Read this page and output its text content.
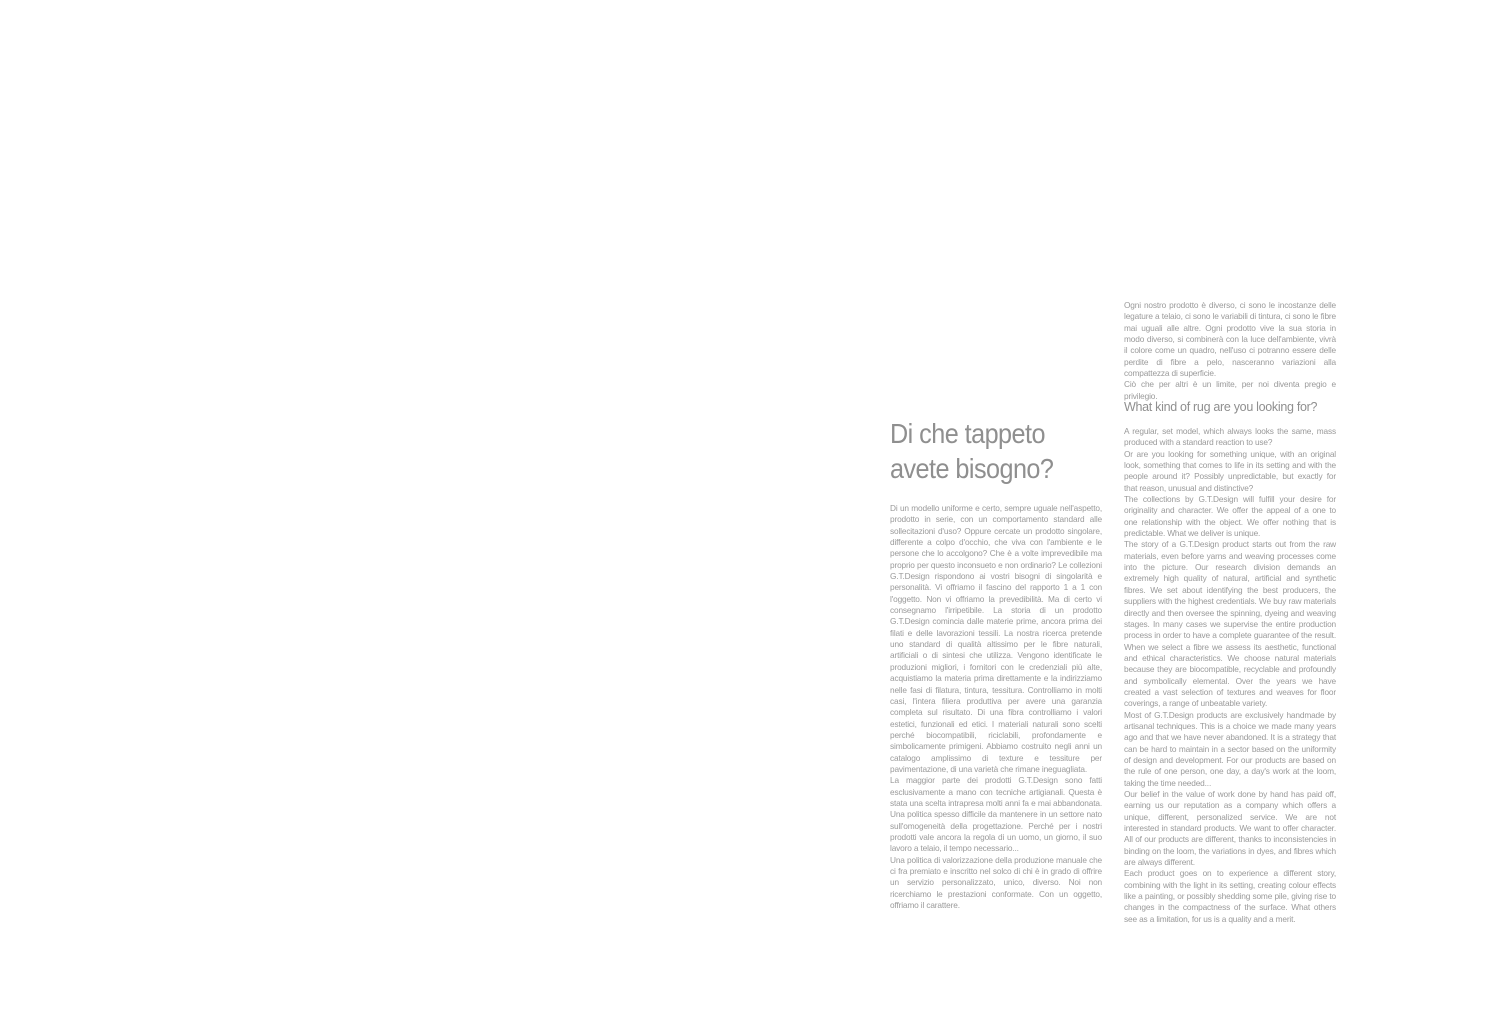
Di che tappeto
avete bisogno?

Di un modello uniforme e certo, sempre uguale nell'aspetto, prodotto in serie, con un comportamento standard alle sollecitazioni d'uso? Oppure cercate un prodotto singolare, differente a colpo d'occhio, che viva con l'ambiente e le persone che lo accolgono? Che è a volte imprevedibile ma proprio per questo inconsueto e non ordinario? Le collezioni G.T.Design rispondono ai vostri bisogni di singolarità e personalità. Vi offriamo il fascino del rapporto 1 a 1 con l'oggetto. Non vi offriamo la prevedibilità. Ma di certo vi consegnamo l'irripetibile. La storia di un prodotto G.T.Design comincia dalle materie prime, ancora prima dei filati e delle lavorazioni tessili. La nostra ricerca pretende uno standard di qualità altissimo per le fibre naturali, artificiali o di sintesi che utilizza. Vengono identificate le produzioni migliori, i fornitori con le credenziali più alte, acquistiamo la materia prima direttamente e la indirizziamo nelle fasi di filatura, tintura, tessitura. Controlliamo in molti casi, l'intera filiera produttiva per avere una garanzia completa sul risultato. Di una fibra controlliamo i valori estetici, funzionali ed etici. I materiali naturali sono scelti perché biocompatibili, riciclabili, profondamente e simbolicamente primigeni. Abbiamo costruito negli anni un catalogo amplissimo di texture e tessiture per pavimentazione, di una varietà che rimane ineguagliata.

La maggior parte dei prodotti G.T.Design sono fatti esclusivamente a mano con tecniche artigianali. Questa è stata una scelta intrapresa molti anni fa e mai abbandonata. Una politica spesso difficile da mantenere in un settore nato sull'omogeneità della progettazione. Perché per i nostri prodotti vale ancora la regola di un uomo, un giorno, il suo lavoro a telaio, il tempo necessario...

Una politica di valorizzazione della produzione manuale che ci fra premiato e inscritto nel solco di chi è in grado di offrire un servizio personalizzato, unico, diverso. Noi non ricerchiamo le prestazioni conformate. Con un oggetto, offriamo il carattere.

Ogni nostro prodotto è diverso, ci sono le incostanze delle legature a telaio, ci sono le variabili di tintura, ci sono le fibre mai uguali alle altre. Ogni prodotto vive la sua storia in modo diverso, si combinerà con la luce dell'ambiente, vivrà il colore come un quadro, nell'uso ci potranno essere delle perdite di fibre a pelo, nasceranno variazioni alla compattezza di superficie.

Ciò che per altri è un limite, per noi diventa pregio e privilegio.

What kind of rug are you looking for?

A regular, set model, which always looks the same, mass produced with a standard reaction to use?

Or are you looking for something unique, with an original look, something that comes to life in its setting and with the people around it? Possibly unpredictable, but exactly for that reason, unusual and distinctive?

The collections by G.T.Design will fulfill your desire for originality and character. We offer the appeal of a one to one relationship with the object. We offer nothing that is predictable. What we deliver is unique.

The story of a G.T.Design product starts out from the raw materials, even before yarns and weaving processes come into the picture. Our research division demands an extremely high quality of natural, artificial and synthetic fibres. We set about identifying the best producers, the suppliers with the highest credentials. We buy raw materials directly and then oversee the spinning, dyeing and weaving stages. In many cases we supervise the entire production process in order to have a complete guarantee of the result. When we select a fibre we assess its aesthetic, functional and ethical characteristics. We choose natural materials because they are biocompatible, recyclable and profoundly and symbolically elemental. Over the years we have created a vast selection of textures and weaves for floor coverings, a range of unbeatable variety.

Most of G.T.Design products are exclusively handmade by artisanal techniques. This is a choice we made many years ago and that we have never abandoned. It is a strategy that can be hard to maintain in a sector based on the uniformity of design and development. For our products are based on the rule of one person, one day, a day's work at the loom, taking the time needed...

Our belief in the value of work done by hand has paid off, earning us our reputation as a company which offers a unique, different, personalized service. We are not interested in standard products. We want to offer character. All of our products are different, thanks to inconsistencies in binding on the loom, the variations in dyes, and fibres which are always different.

Each product goes on to experience a different story, combining with the light in its setting, creating colour effects like a painting, or possibly shedding some pile, giving rise to changes in the compactness of the surface. What others see as a limitation, for us is a quality and a merit.
